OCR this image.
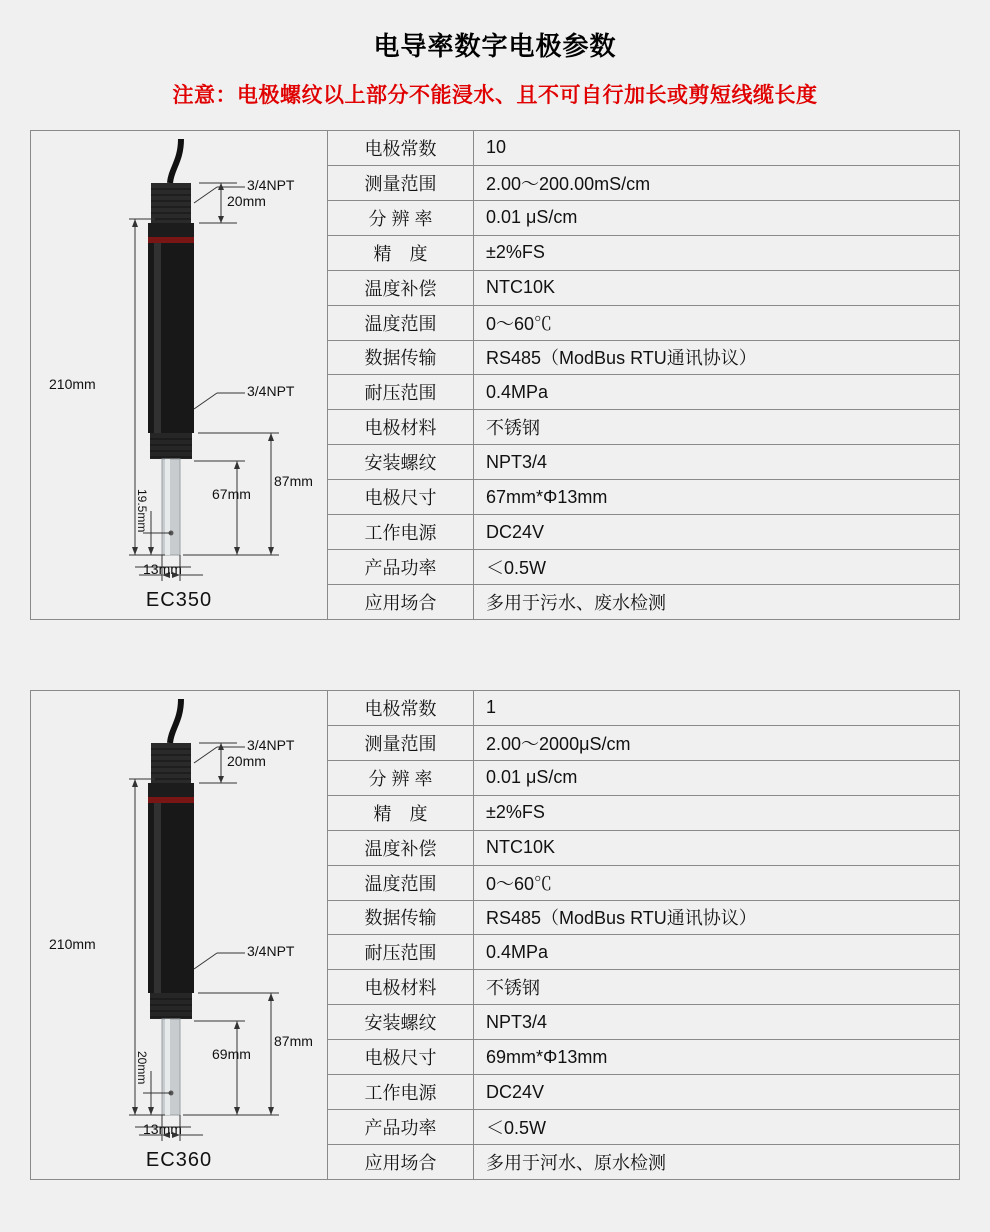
电导率数字电极参数
注意：电极螺纹以上部分不能浸水、且不可自行加长或剪短线缆长度
3/4NPT
3/4NPT
20mm
210mm
87mm
67mm
19.5mm
13mm
EC350
电极常数	10
测量范围	2.00～200.00mS/cm
分 辨 率	0.01 μS/cm
精　度	±2%FS
温度补偿	NTC10K
温度范围	0～60℃
数据传输	RS485（ModBus RTU通讯协议）
耐压范围	0.4MPa
电极材料	不锈钢
安装螺纹	NPT3/4
电极尺寸	67mm*Φ13mm
工作电源	DC24V
产品功率	＜0.5W
应用场合	多用于污水、废水检测
3/4NPT
3/4NPT
20mm
210mm
87mm
69mm
20mm
13mm
EC360
电极常数	1
测量范围	2.00～2000μS/cm
分 辨 率	0.01 μS/cm
精　度	±2%FS
温度补偿	NTC10K
温度范围	0～60℃
数据传输	RS485（ModBus RTU通讯协议）
耐压范围	0.4MPa
电极材料	不锈钢
安装螺纹	NPT3/4
电极尺寸	69mm*Φ13mm
工作电源	DC24V
产品功率	＜0.5W
应用场合	多用于河水、原水检测
